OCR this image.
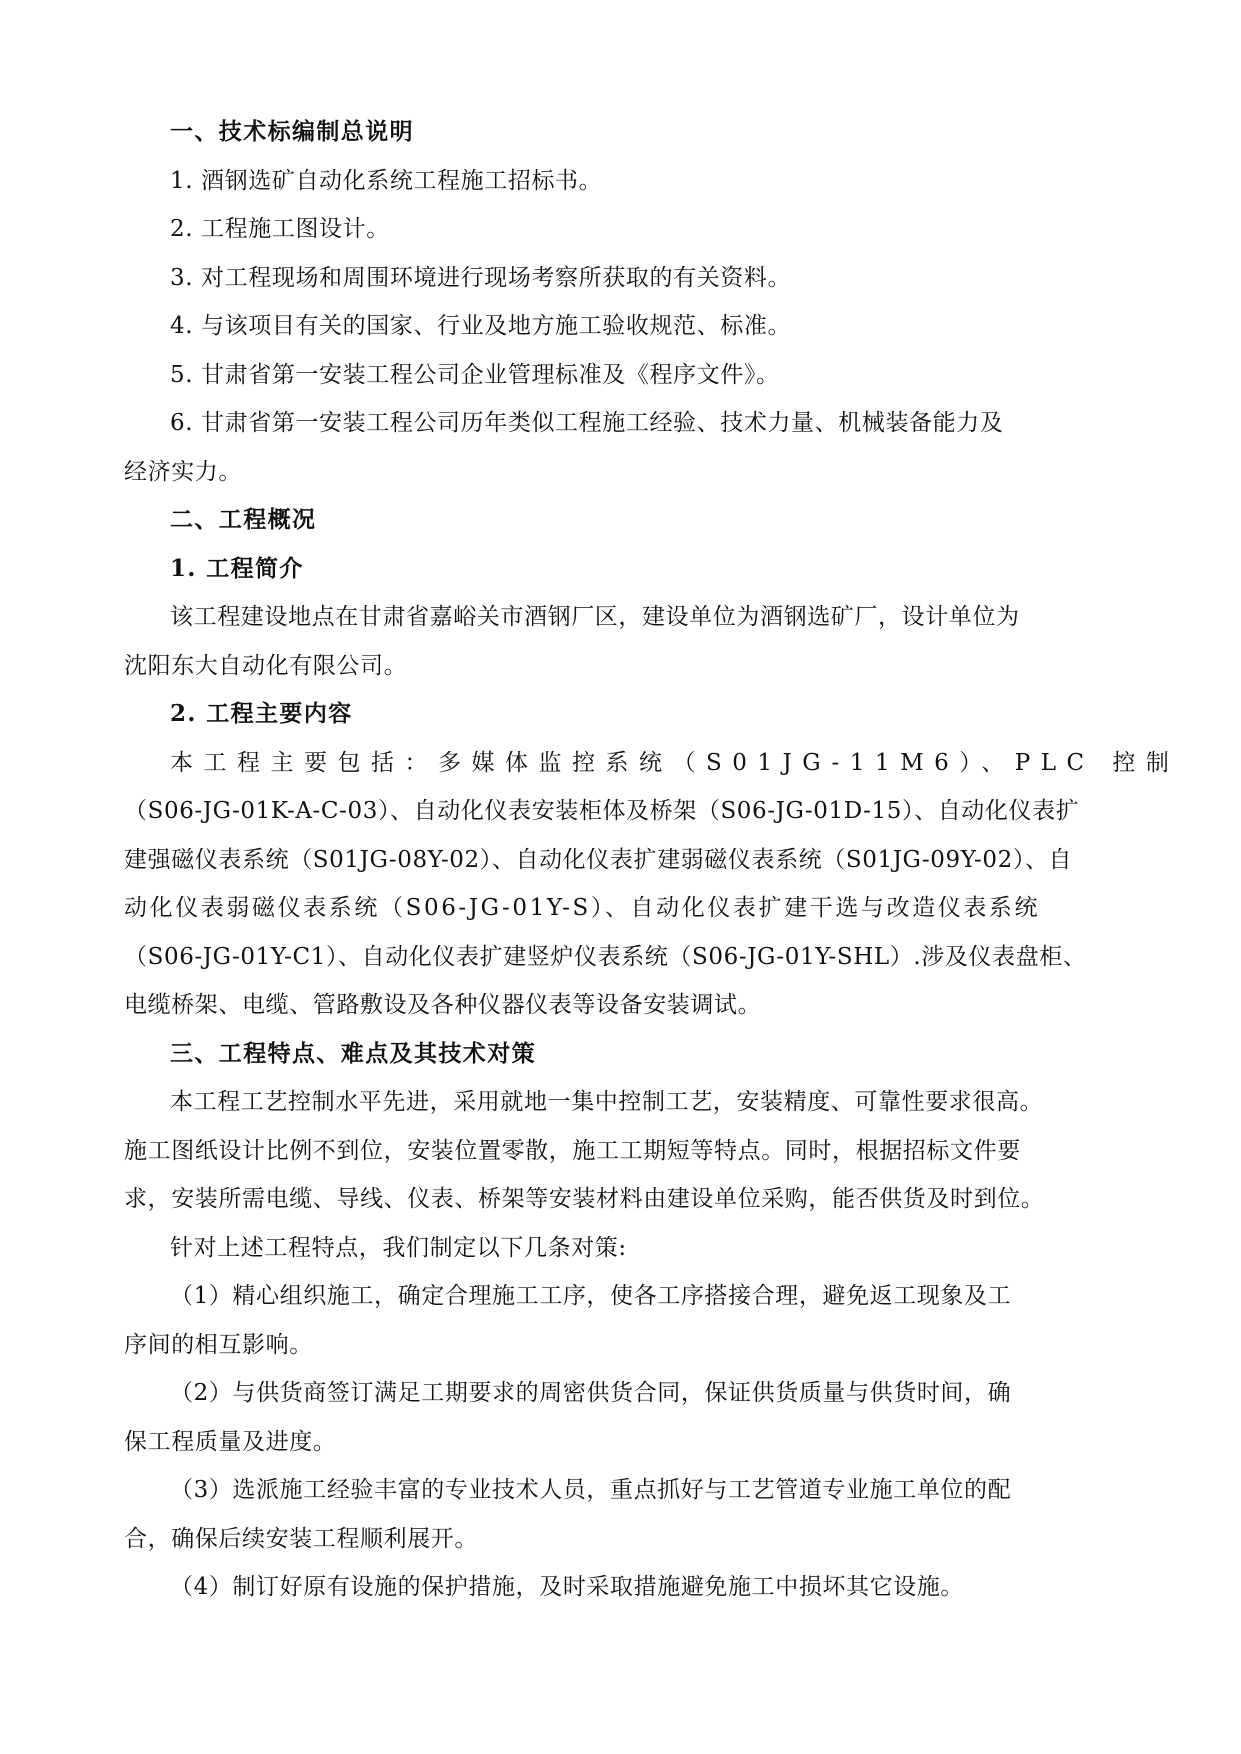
一、技术标编制总说明
1. 酒钢选矿自动化系统工程施工招标书。
2. 工程施工图设计。
3. 对工程现场和周围环境进行现场考察所获取的有关资料。
4. 与该项目有关的国家、行业及地方施工验收规范、标准。
5. 甘肃省第一安装工程公司企业管理标准及《程序文件》。
6. 甘肃省第一安装工程公司历年类似工程施工经验、技术力量、机械装备能力及
经济实力。
二、工程概况
1. 工程简介
该工程建设地点在甘肃省嘉峪关市酒钢厂区，建设单位为酒钢选矿厂，设计单位为
沈阳东大自动化有限公司。
2. 工程主要内容
本工程主要包括：多媒体监控系统（S01JG-11M6）、PLC 控制
（S06-JG-01K-A-C-03）、自动化仪表安装柜体及桥架（S06-JG-01D-15）、自动化仪表扩
建强磁仪表系统（S01JG-08Y-02）、自动化仪表扩建弱磁仪表系统（S01JG-09Y-02）、自
动化仪表弱磁仪表系统（S06-JG-01Y-S）、自动化仪表扩建干选与改造仪表系统
（S06-JG-01Y-C1）、自动化仪表扩建竖炉仪表系统（S06-JG-01Y-SHL）.涉及仪表盘柜、
电缆桥架、电缆、管路敷设及各种仪器仪表等设备安装调试。
三、工程特点、难点及其技术对策
本工程工艺控制水平先进，采用就地一集中控制工艺，安装精度、可靠性要求很高。
施工图纸设计比例不到位，安装位置零散，施工工期短等特点。同时，根据招标文件要
求，安装所需电缆、导线、仪表、桥架等安装材料由建设单位采购，能否供货及时到位。
针对上述工程特点，我们制定以下几条对策:
（1）精心组织施工，确定合理施工工序，使各工序搭接合理，避免返工现象及工
序间的相互影响。
（2）与供货商签订满足工期要求的周密供货合同，保证供货质量与供货时间，确
保工程质量及进度。
（3）选派施工经验丰富的专业技术人员，重点抓好与工艺管道专业施工单位的配
合，确保后续安装工程顺利展开。
（4）制订好原有设施的保护措施，及时采取措施避免施工中损坏其它设施。
